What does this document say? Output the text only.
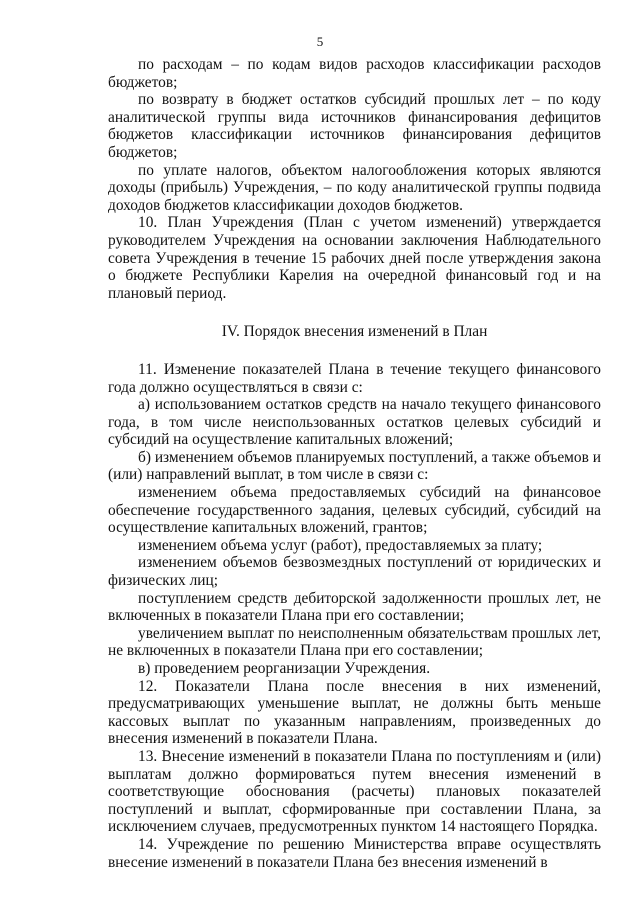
5

по расходам – по кодам видов расходов классификации расходов бюджетов;

по возврату в бюджет остатков субсидий прошлых лет – по коду аналитической группы вида источников финансирования дефицитов бюджетов классификации источников финансирования дефицитов бюджетов;

по уплате налогов, объектом налогообложения которых являются доходы (прибыль) Учреждения, – по коду аналитической группы подвида доходов бюджетов классификации доходов бюджетов.

10. План Учреждения (План с учетом изменений) утверждается руководителем Учреждения на основании заключения Наблюдательного совета Учреждения в течение 15 рабочих дней после утверждения закона о бюджете Республики Карелия на очередной финансовый год и на плановый период.

IV. Порядок внесения изменений в План

11. Изменение показателей Плана в течение текущего финансового года должно осуществляться в связи с:

а) использованием остатков средств на начало текущего финансового года, в том числе неиспользованных остатков целевых субсидий и субсидий на осуществление капитальных вложений;

б) изменением объемов планируемых поступлений, а также объемов и (или) направлений выплат, в том числе в связи с:

изменением объема предоставляемых субсидий на финансовое обеспечение государственного задания, целевых субсидий, субсидий на осуществление капитальных вложений, грантов;

изменением объема услуг (работ), предоставляемых за плату;

изменением объемов безвозмездных поступлений от юридических и физических лиц;

поступлением средств дебиторской задолженности прошлых лет, не включенных в показатели Плана при его составлении;

увеличением выплат по неисполненным обязательствам прошлых лет, не включенных в показатели Плана при его составлении;

в) проведением реорганизации Учреждения.

12. Показатели Плана после внесения в них изменений, предусматривающих уменьшение выплат, не должны быть меньше кассовых выплат по указанным направлениям, произведенных до внесения изменений в показатели Плана.

13. Внесение изменений в показатели Плана по поступлениям и (или) выплатам должно формироваться путем внесения изменений в соответствующие обоснования (расчеты) плановых показателей поступлений и выплат, сформированные при составлении Плана, за исключением случаев, предусмотренных пунктом 14 настоящего Порядка.

14. Учреждение по решению Министерства вправе осуществлять внесение изменений в показатели Плана без внесения изменений в
